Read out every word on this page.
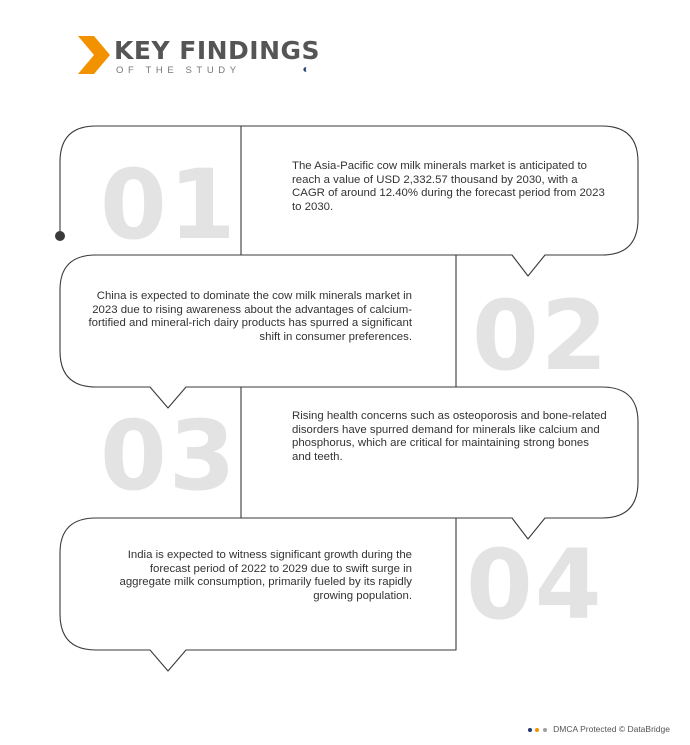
KEY FINDINGS
OF THE STUDY
01	The Asia-Pacific cow milk minerals market is anticipated to reach a value of USD 2,332.57 thousand by 2030, with a CAGR of around 12.40% during the forecast period from 2023 to 2030.
02
China is expected to dominate the cow milk minerals market in 2023 due to rising awareness about the advantages of calcium-fortified and mineral-rich dairy products has spurred a significant shift in consumer preferences.
03	Rising health concerns such as osteoporosis and bone-related disorders have spurred demand for minerals like calcium and phosphorus, which are critical for maintaining strong bones and teeth.
04
India is expected to witness significant growth during the forecast period of 2022 to 2029 due to swift surge in aggregate milk consumption, primarily fueled by its rapidly growing population.
DMCA Protected © DataBridge
